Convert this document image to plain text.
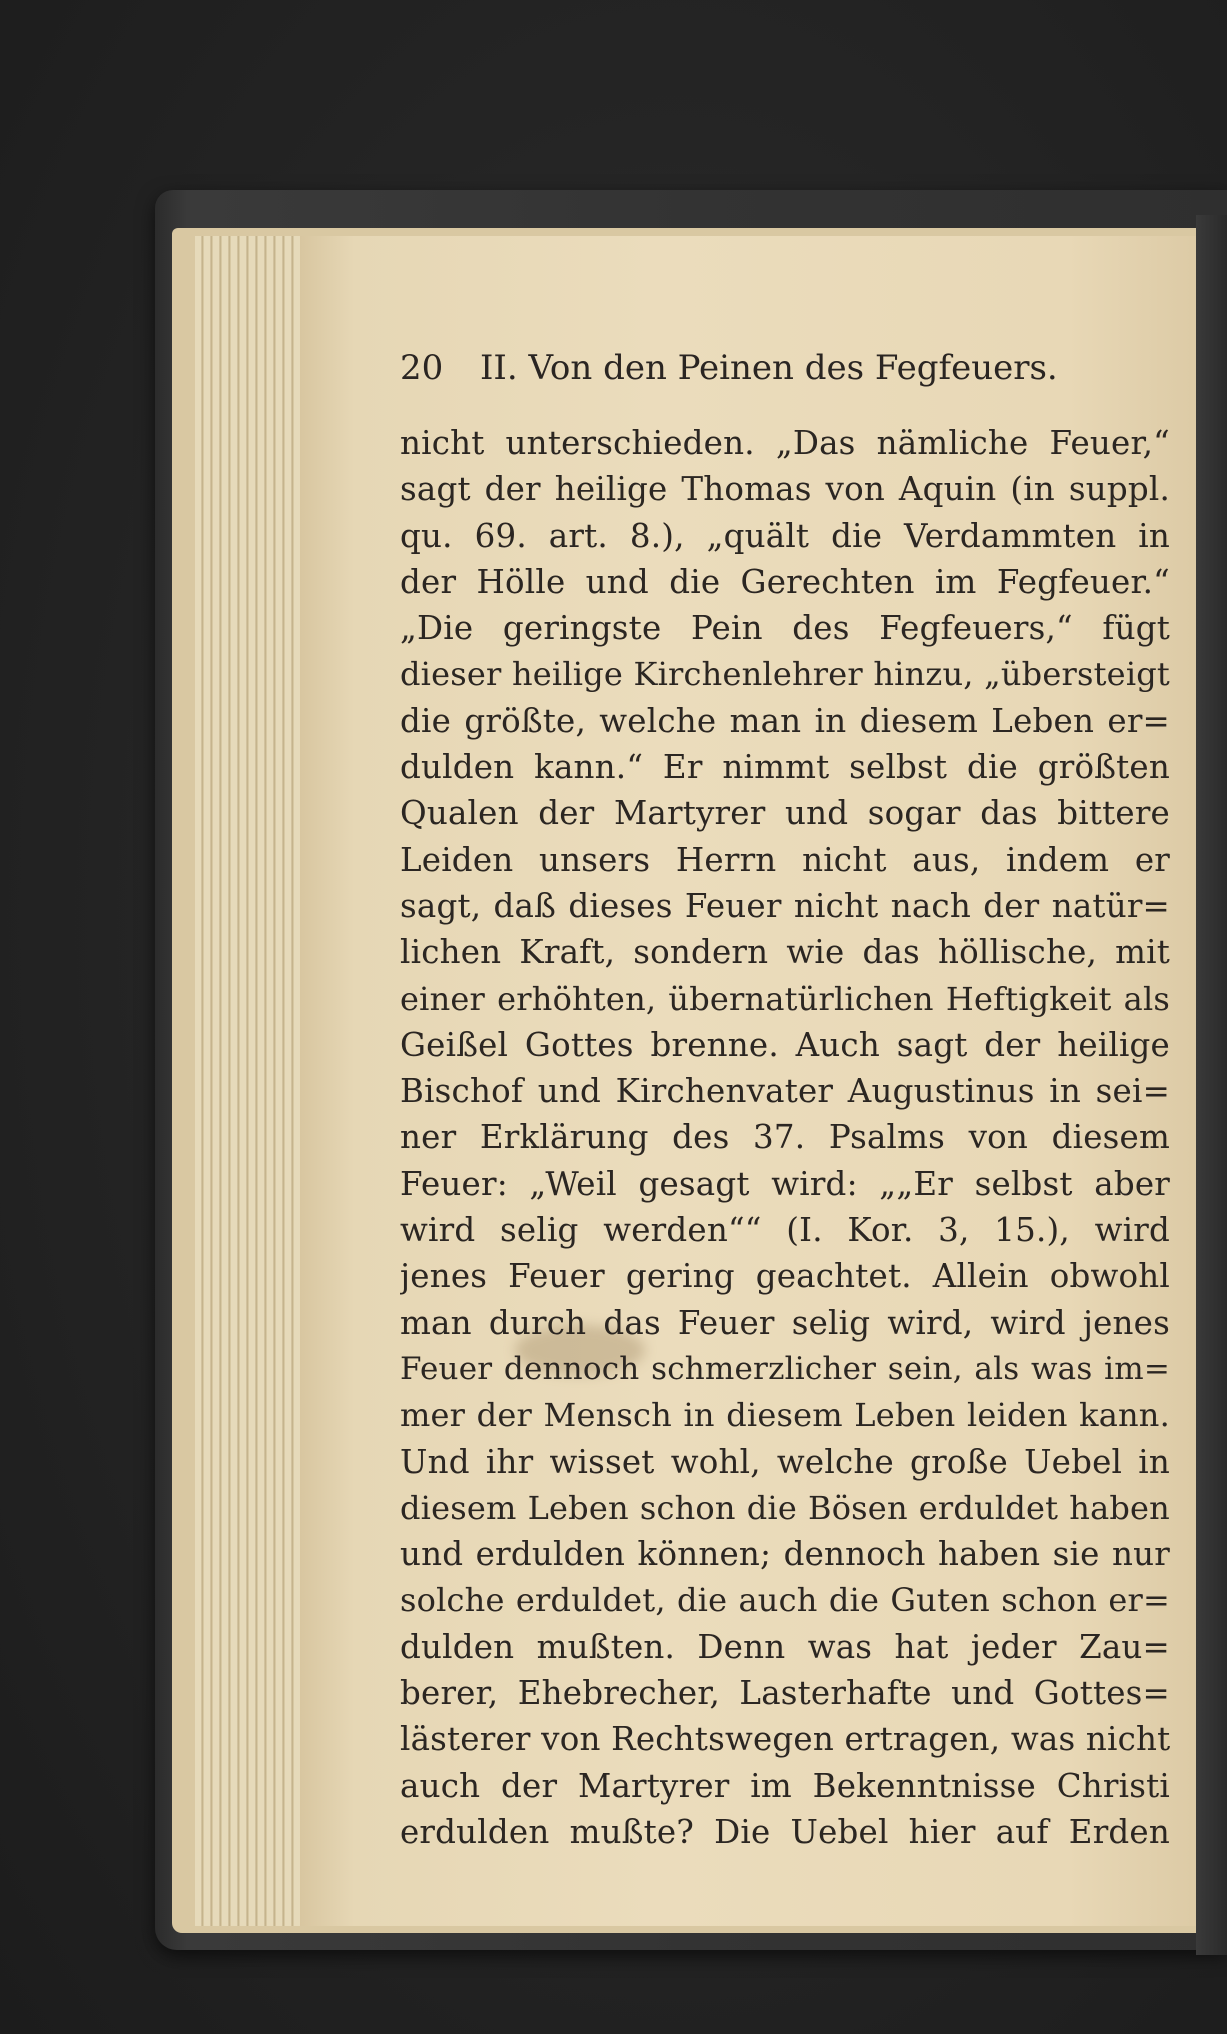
20 II. Von den Peinen des Fegfeuers.
nicht unterschieden. „Das nämliche Feuer,“
sagt der heilige Thomas von Aquin (in suppl.
qu. 69. art. 8.), „quält die Verdammten in
der Hölle und die Gerechten im Fegfeuer.“
„Die geringste Pein des Fegfeuers,“ fügt
dieser heilige Kirchenlehrer hinzu, „übersteigt
die größte, welche man in diesem Leben er=
dulden kann.“ Er nimmt selbst die größten
Qualen der Martyrer und sogar das bittere
Leiden unsers Herrn nicht aus, indem er
sagt, daß dieses Feuer nicht nach der natür=
lichen Kraft, sondern wie das höllische, mit
einer erhöhten, übernatürlichen Heftigkeit als
Geißel Gottes brenne. Auch sagt der heilige
Bischof und Kirchenvater Augustinus in sei=
ner Erklärung des 37. Psalms von diesem
Feuer: „Weil gesagt wird: „„Er selbst aber
wird selig werden““ (I. Kor. 3, 15.), wird
jenes Feuer gering geachtet. Allein obwohl
man durch das Feuer selig wird, wird jenes
Feuer dennoch schmerzlicher sein, als was im=
mer der Mensch in diesem Leben leiden kann.
Und ihr wisset wohl, welche große Uebel in
diesem Leben schon die Bösen erduldet haben
und erdulden können; dennoch haben sie nur
solche erduldet, die auch die Guten schon er=
dulden mußten. Denn was hat jeder Zau=
berer, Ehebrecher, Lasterhafte und Gottes=
lästerer von Rechtswegen ertragen, was nicht
auch der Martyrer im Bekenntnisse Christi
erdulden mußte? Die Uebel hier auf Erden
